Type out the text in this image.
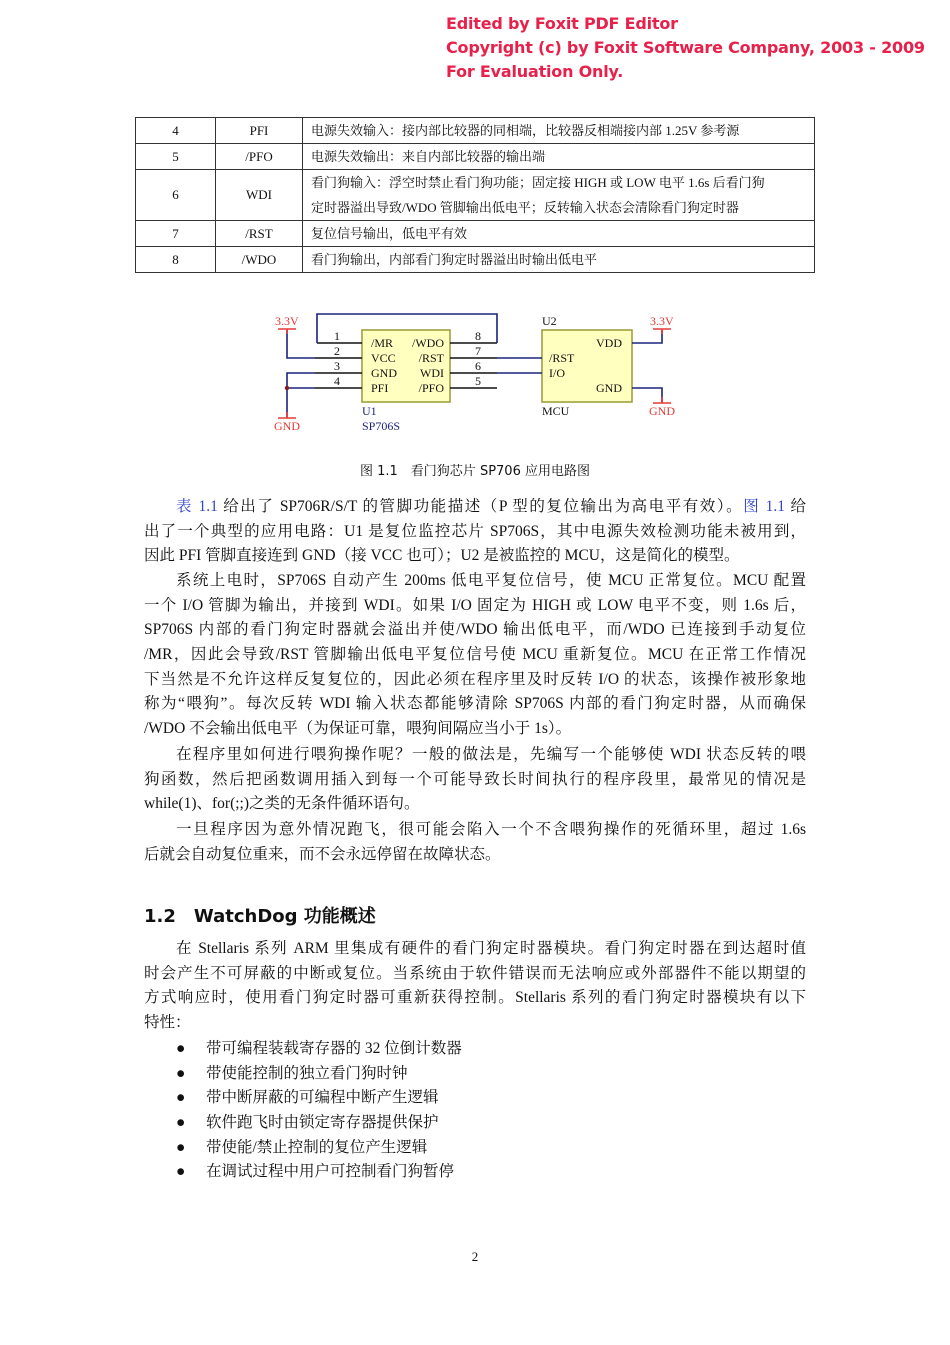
Edited by Foxit PDF Editor
Copyright (c) by Foxit Software Company, 2003 - 2009
For Evaluation Only.
4	PFI	电源失效输入：接内部比较器的同相端，比较器反相端接内部 1.25V 参考源
5	/PFO	电源失效输出：来自内部比较器的输出端
6	WDI	看门狗输入：浮空时禁止看门狗功能；固定接 HIGH 或 LOW 电平 1.6s 后看门狗
定时器溢出导致/WDO 管脚输出低电平；反转输入状态会清除看门狗定时器

7	/RST	复位信号输出，低电平有效
8	/WDO	看门狗输出，内部看门狗定时器溢出时输出低电平
3.3V	3.3V
GND
GND
1
2
3
4
8
7
6
5
/MR
VCC
GND
PFI
/WDO
/RST
WDI
/PFO
/RST
I/O
VDD
GND
U2
MCU
U1
SP706S
图 1.1　看门狗芯片 SP706 应用电路图
表 1.1 给出了 SP706R/S/T 的管脚功能描述（P 型的复位输出为高电平有效）。图 1.1 给
出了一个典型的应用电路：U1 是复位监控芯片 SP706S，其中电源失效检测功能未被用到，
因此 PFI 管脚直接连到 GND（接 VCC 也可）；U2 是被监控的 MCU，这是简化的模型。
系统上电时，SP706S 自动产生 200ms 低电平复位信号，使 MCU 正常复位。MCU 配置
一个 I/O 管脚为输出，并接到 WDI。如果 I/O 固定为 HIGH 或 LOW 电平不变，则 1.6s 后，
SP706S 内部的看门狗定时器就会溢出并使/WDO 输出低电平，而/WDO 已连接到手动复位
/MR，因此会导致/RST 管脚输出低电平复位信号使 MCU 重新复位。MCU 在正常工作情况
下当然是不允许这样反复复位的，因此必须在程序里及时反转 I/O 的状态，该操作被形象地
称为“喂狗”。每次反转 WDI 输入状态都能够清除 SP706S 内部的看门狗定时器，从而确保
/WDO 不会输出低电平（为保证可靠，喂狗间隔应当小于 1s）。
在程序里如何进行喂狗操作呢？一般的做法是，先编写一个能够使 WDI 状态反转的喂
狗函数，然后把函数调用插入到每一个可能导致长时间执行的程序段里，最常见的情况是
while(1)、for(;;)之类的无条件循环语句。
一旦程序因为意外情况跑飞，很可能会陷入一个不含喂狗操作的死循环里，超过 1.6s
后就会自动复位重来，而不会永远停留在故障状态。
1.2 WatchDog 功能概述
在 Stellaris 系列 ARM 里集成有硬件的看门狗定时器模块。看门狗定时器在到达超时值
时会产生不可屏蔽的中断或复位。当系统由于软件错误而无法响应或外部器件不能以期望的
方式响应时，使用看门狗定时器可重新获得控制。Stellaris 系列的看门狗定时器模块有以下
特性：
● 带可编程装载寄存器的 32 位倒计数器
● 带使能控制的独立看门狗时钟
● 带中断屏蔽的可编程中断产生逻辑
● 软件跑飞时由锁定寄存器提供保护
● 带使能/禁止控制的复位产生逻辑
● 在调试过程中用户可控制看门狗暂停
2
